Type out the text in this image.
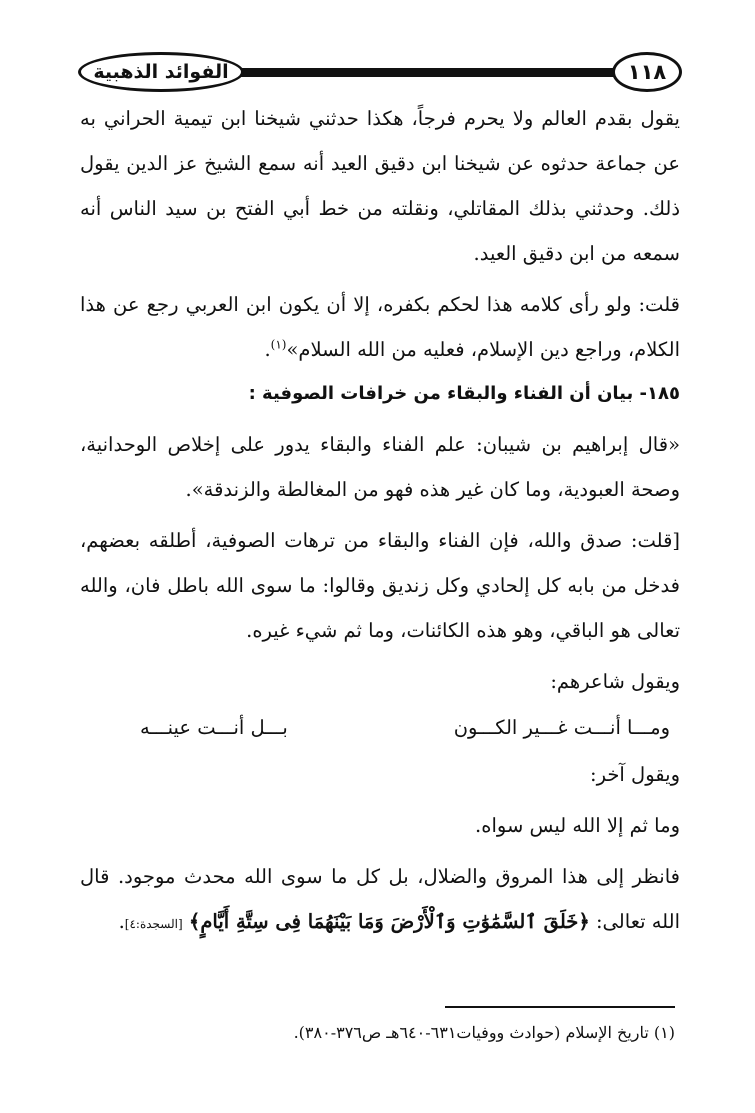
الفوائد الذهبية	١١٨

يقول بقدم العالم ولا يحرم فرجاً، هكذا حدثني شيخنا ابن تيمية الحراني به عن جماعة حدثوه عن شيخنا ابن دقيق العيد أنه سمع الشيخ عز الدين يقول ذلك. وحدثني بذلك المقاتلي، ونقلته من خط أبي الفتح بن سيد الناس أنه سمعه من ابن دقيق العيد.

قلت: ولو رأى كلامه هذا لحكم بكفره، إلا أن يكون ابن العربي رجع عن هذا الكلام، وراجع دين الإسلام، فعليه من الله السلام»$^{(١)}$.

١٨٥- بيان أن الفناء والبقاء من خرافات الصوفية :

«قال إبراهيم بن شيبان: علم الفناء والبقاء يدور على إخلاص الوحدانية، وصحة العبودية، وما كان غير هذه فهو من المغالطة والزندقة».

[قلت: صدق والله، فإن الفناء والبقاء من ترهات الصوفية، أطلقه بعضهم، فدخل من بابه كل إلحادي وكل زنديق وقالوا: ما سوى الله باطل فان، والله تعالى هو الباقي، وهو هذه الكائنات، وما ثم شيء غيره.

ويقول شاعرهم:

ومـــا أنـــت غـــير الكـــون
بـــل أنـــت عينـــه

ويقول آخر:

وما ثم إلا الله ليس سواه.

فانظر إلى هذا المروق والضلال، بل كل ما سوى الله محدث موجود. قال الله تعالى: ﴿خَلَقَ ٱلسَّمَٰوَٰتِ وَٱلْأَرْضَ وَمَا بَيْنَهُمَا فِى سِتَّةِ أَيَّامٍ﴾ [السجدة:٤].

(١) تاريخ الإسلام (حوادث ووفيات٦٣١-٦٤٠هـ ص٣٧٦-٣٨٠).
